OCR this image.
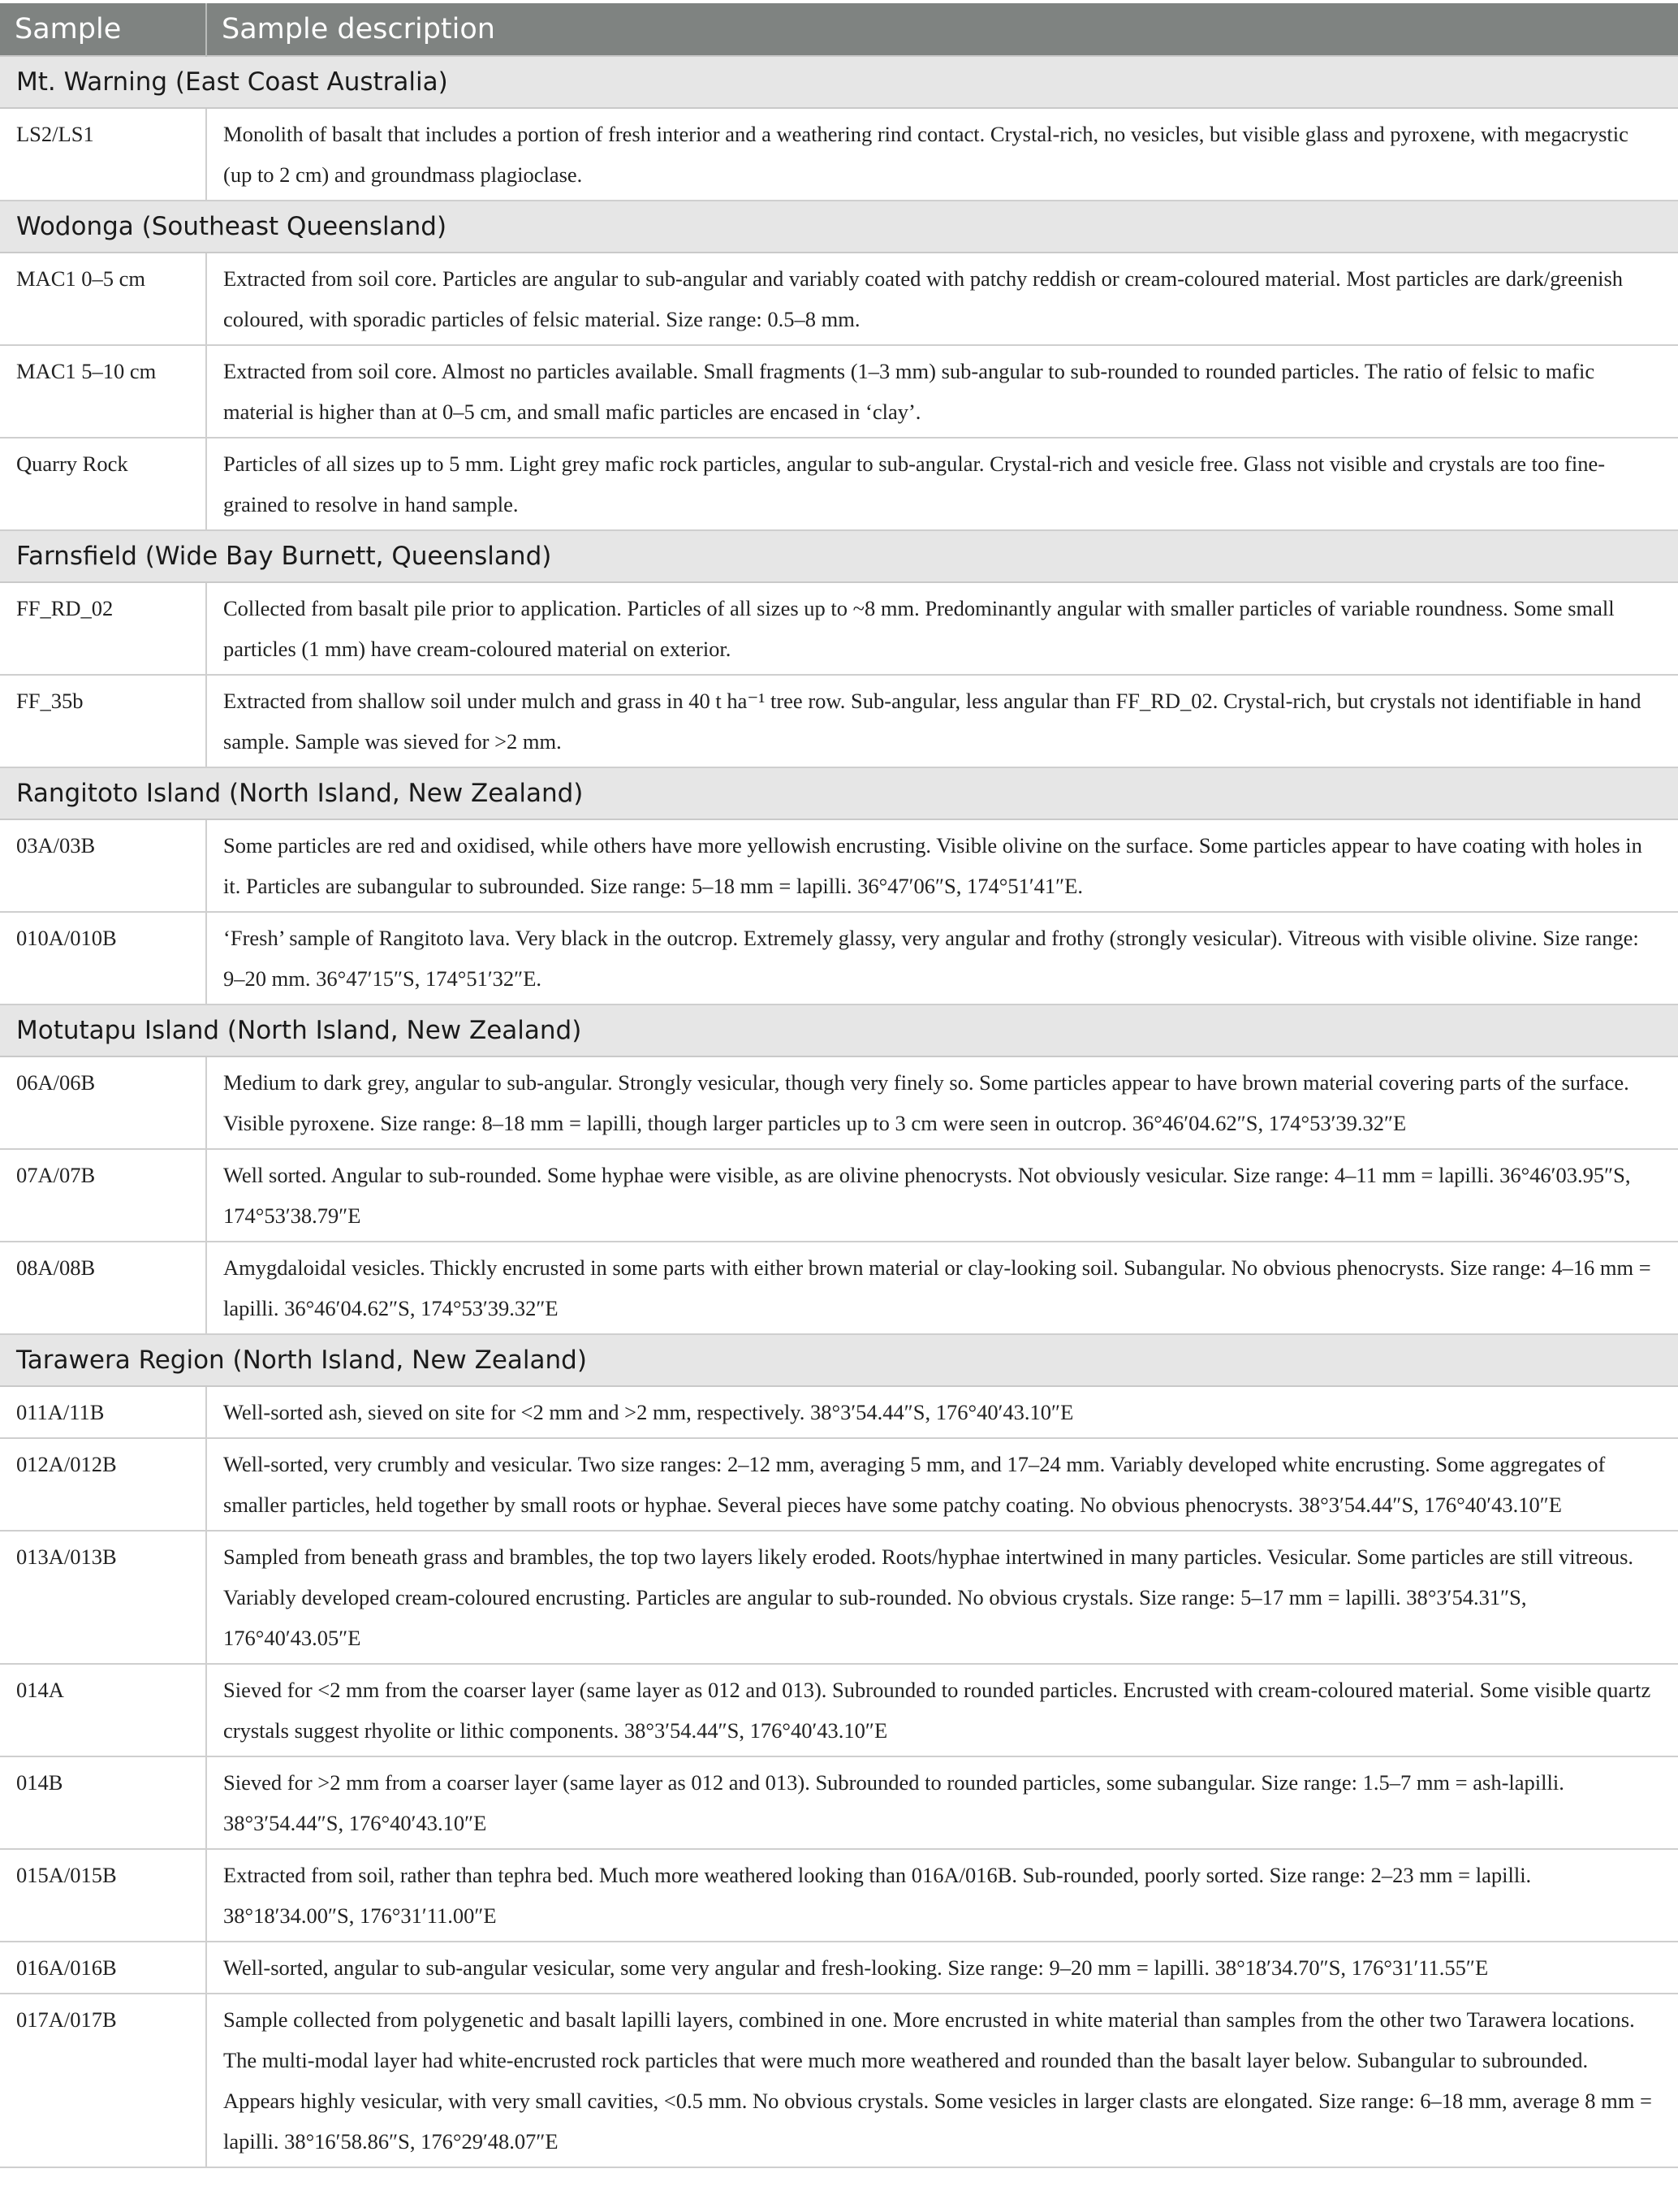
Sample	Sample description
Mt. Warning (East Coast Australia)	
LS2/LS1	Monolith of basalt that includes a portion of fresh interior and a weathering rind contact. Crystal-rich, no vesicles, but visible glass and pyroxene, with megacrystic (up to 2 cm) and groundmass plagioclase.
Wodonga (Southeast Queensland)	
MAC1 0–5 cm	Extracted from soil core. Particles are angular to sub-angular and variably coated with patchy reddish or cream-coloured material. Most particles are dark/greenish coloured, with sporadic particles of felsic material. Size range: 0.5–8 mm.
MAC1 5–10 cm	Extracted from soil core. Almost no particles available. Small fragments (1–3 mm) sub-angular to sub-rounded to rounded particles. The ratio of felsic to mafic material is higher than at 0–5 cm, and small mafic particles are encased in ‘clay’.
Quarry Rock	Particles of all sizes up to 5 mm. Light grey mafic rock particles, angular to sub-angular. Crystal-rich and vesicle free. Glass not visible and crystals are too fine-grained to resolve in hand sample.
Farnsfield (Wide Bay Burnett, Queensland)	
FF_RD_02	Collected from basalt pile prior to application. Particles of all sizes up to ~8 mm. Predominantly angular with smaller particles of variable roundness. Some small particles (1 mm) have cream-coloured material on exterior.
FF_35b	Extracted from shallow soil under mulch and grass in 40 t ha⁻¹ tree row. Sub-angular, less angular than FF_RD_02. Crystal-rich, but crystals not identifiable in hand sample. Sample was sieved for >2 mm.
Rangitoto Island (North Island, New Zealand)	
03A/03B	Some particles are red and oxidised, while others have more yellowish encrusting. Visible olivine on the surface. Some particles appear to have coating with holes in it. Particles are subangular to subrounded. Size range: 5–18 mm = lapilli. 36°47′06″S, 174°51′41″E.
010A/010B	‘Fresh’ sample of Rangitoto lava. Very black in the outcrop. Extremely glassy, very angular and frothy (strongly vesicular). Vitreous with visible olivine. Size range: 9–20 mm. 36°47′15″S, 174°51′32″E.
Motutapu Island (North Island, New Zealand)	
06A/06B	Medium to dark grey, angular to sub-angular. Strongly vesicular, though very finely so. Some particles appear to have brown material covering parts of the surface. Visible pyroxene. Size range: 8–18 mm = lapilli, though larger particles up to 3 cm were seen in outcrop. 36°46′04.62″S, 174°53′39.32″E
07A/07B	Well sorted. Angular to sub-rounded. Some hyphae were visible, as are olivine phenocrysts. Not obviously vesicular. Size range: 4–11 mm = lapilli. 36°46′03.95″S, 174°53′38.79″E
08A/08B	Amygdaloidal vesicles. Thickly encrusted in some parts with either brown material or clay-looking soil. Subangular. No obvious phenocrysts. Size range: 4–16 mm = lapilli. 36°46′04.62″S, 174°53′39.32″E
Tarawera Region (North Island, New Zealand)	
011A/11B	Well-sorted ash, sieved on site for <2 mm and >2 mm, respectively. 38°3′54.44″S, 176°40′43.10″E
012A/012B	Well-sorted, very crumbly and vesicular. Two size ranges: 2–12 mm, averaging 5 mm, and 17–24 mm. Variably developed white encrusting. Some aggregates of smaller particles, held together by small roots or hyphae. Several pieces have some patchy coating. No obvious phenocrysts. 38°3′54.44″S, 176°40′43.10″E
013A/013B	Sampled from beneath grass and brambles, the top two layers likely eroded. Roots/hyphae intertwined in many particles. Vesicular. Some particles are still vitreous. Variably developed cream-coloured encrusting. Particles are angular to sub-rounded. No obvious crystals. Size range: 5–17 mm = lapilli. 38°3′54.31″S, 176°40′43.05″E
014A	Sieved for <2 mm from the coarser layer (same layer as 012 and 013). Subrounded to rounded particles. Encrusted with cream-coloured material. Some visible quartz crystals suggest rhyolite or lithic components. 38°3′54.44″S, 176°40′43.10″E
014B	Sieved for >2 mm from a coarser layer (same layer as 012 and 013). Subrounded to rounded particles, some subangular. Size range: 1.5–7 mm = ash-lapilli. 38°3′54.44″S, 176°40′43.10″E
015A/015B	Extracted from soil, rather than tephra bed. Much more weathered looking than 016A/016B. Sub-rounded, poorly sorted. Size range: 2–23 mm = lapilli. 38°18′34.00″S, 176°31′11.00″E
016A/016B	Well-sorted, angular to sub-angular vesicular, some very angular and fresh-looking. Size range: 9–20 mm = lapilli. 38°18′34.70″S, 176°31′11.55″E
017A/017B	Sample collected from polygenetic and basalt lapilli layers, combined in one. More encrusted in white material than samples from the other two Tarawera locations. The multi-modal layer had white-encrusted rock particles that were much more weathered and rounded than the basalt layer below. Subangular to subrounded. Appears highly vesicular, with very small cavities, <0.5 mm. No obvious crystals. Some vesicles in larger clasts are elongated. Size range: 6–18 mm, average 8 mm = lapilli. 38°16′58.86″S, 176°29′48.07″E
